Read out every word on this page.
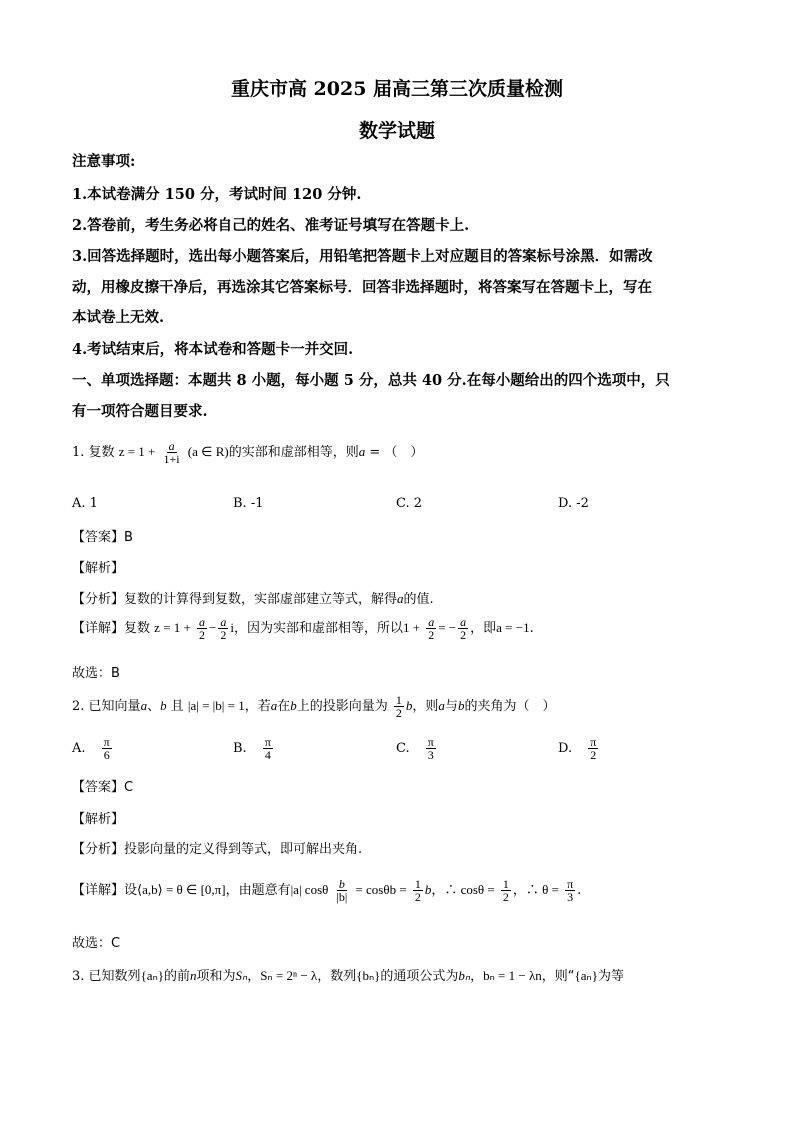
重庆市高 2025 届高三第三次质量检测
数学试题
注意事项:
1.本试卷满分 150 分，考试时间 120 分钟.
2.答卷前，考生务必将自己的姓名、准考证号填写在答题卡上.
3.回答选择题时，选出每小题答案后，用铅笔把答题卡上对应题目的答案标号涂黑．如需改
动，用橡皮擦干净后，再选涂其它答案标号．回答非选择题时，将答案写在答题卡上，写在
本试卷上无效.
4.考试结束后，将本试卷和答题卡一并交回.
一、单项选择题：本题共 8 小题，每小题 5 分，总共 40 分.在每小题给出的四个选项中，只
有一项符合题目要求.
1. 复数 $z = 1 + \frac{a}{1+i} (a$ ∈ R)的实部和虚部相等，则a = （　）
A. 1	B. -1	C. 2	D. -2
【答案】B
【解析】
【分析】复数的计算得到复数，实部虚部建立等式，解得a的值.
【详解】复数 $z = 1 + \frac{a}{2} - \frac{a}{2}$ i，因为实部和虚部相等，所以$1 + \frac{a}{2}$ = − $\frac{a}{2}$ ，即a = −1.
故选：B
2. 已知向量a、b 且 |a| = |b| = 1，若a在b上的投影向量为 $\frac{1}{2}$ b，则a与b的夹角为（　）
A. $\frac{\pi}{6}$	B. $\frac{\pi}{4}$	C. $\frac{\pi}{3}$	D. $\frac{\pi}{2}$
【答案】C
【解析】
【分析】投影向量的定义得到等式，即可解出夹角.
【详解】设⟨a,b⟩ = θ ∈ [0,π]，由题意有|a| cosθ $\frac{b}{|b|} = \cos\theta b = \frac{1}{2}$ b，∴ $\cos\theta = \frac{1}{2}$ ，∴ $\theta = \frac{\pi}{3}$ .
故选：C
3. 已知数列{aₙ}的前n项和为Sₙ，Sₙ = 2ⁿ − λ，数列{bₙ}的通项公式为bₙ，bₙ = 1 − λn，则“{aₙ}为等
